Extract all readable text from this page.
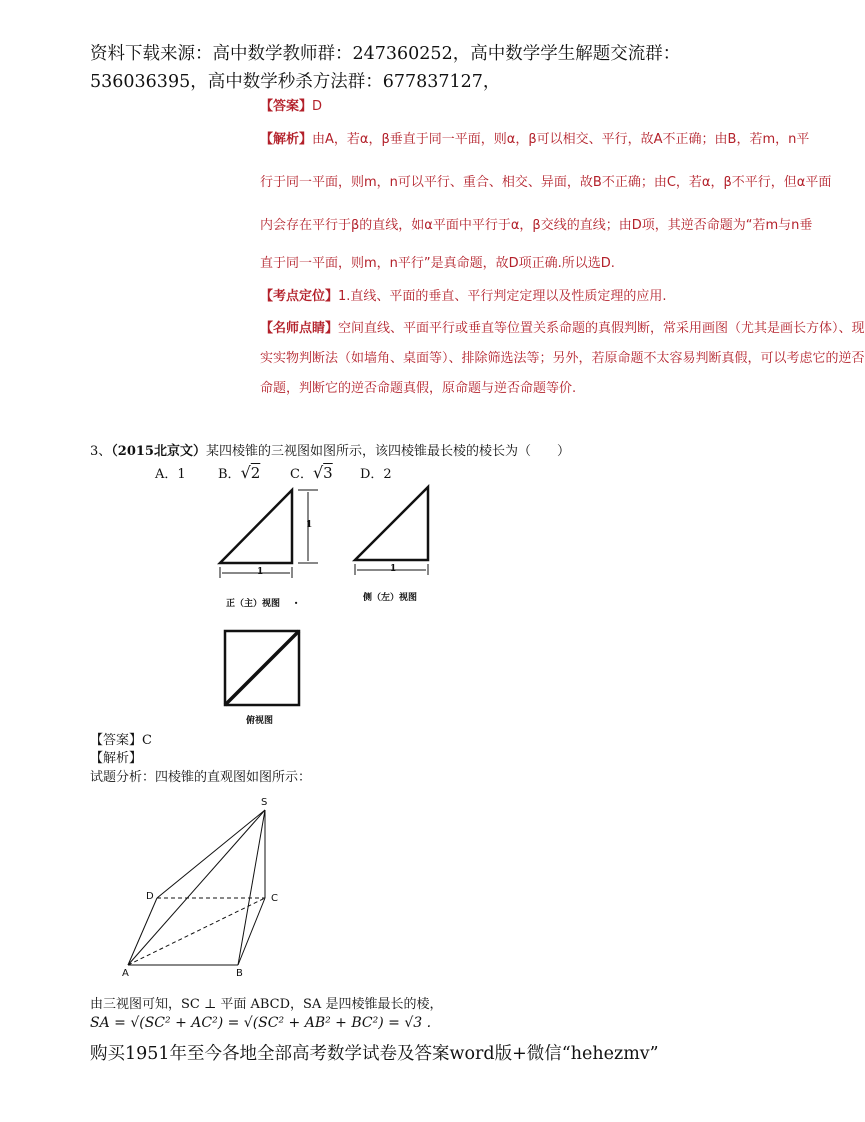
资料下载来源：高中数学教师群：247360252，高中数学学生解题交流群：
536036395，高中数学秒杀方法群：677837127，
【答案】D
【解析】由A，若α，β垂直于同一平面，则α，β可以相交、平行，故A不正确；由B，若m，n平
行于同一平面，则m，n可以平行、重合、相交、异面，故B不正确；由C，若α，β不平行，但α平面
内会存在平行于β的直线，如α平面中平行于α，β交线的直线；由D项，其逆否命题为“若m与n垂
直于同一平面，则m，n平行”是真命题，故D项正确.所以选D.
【考点定位】1.直线、平面的垂直、平行判定定理以及性质定理的应用.
【名师点睛】空间直线、平面平行或垂直等位置关系命题的真假判断，常采用画图（尤其是画长方体）、现
实实物判断法（如墙角、桌面等）、排除筛选法等；另外，若原命题不太容易判断真假，可以考虑它的逆否
命题，判断它的逆否命题真假，原命题与逆否命题等价.
3、（2015北京文）某四棱锥的三视图如图所示，该四棱锥最长棱的棱长为（　　）
A．1 B．√2 C．√3 D．2
1
1
1
正（主）视图 .	侧（左）视图
俯视图
【答案】C
【解析】
试题分析：四棱锥的直观图如图所示：
S
D	C
A	B
由三视图可知，SC ⊥ 平面 ABCD，SA 是四棱锥最长的棱，
SA = √(SC² + AC²) = √(SC² + AB² + BC²) = √3 .
购买1951年至今各地全部高考数学试卷及答案word版+微信“hehezmv”
